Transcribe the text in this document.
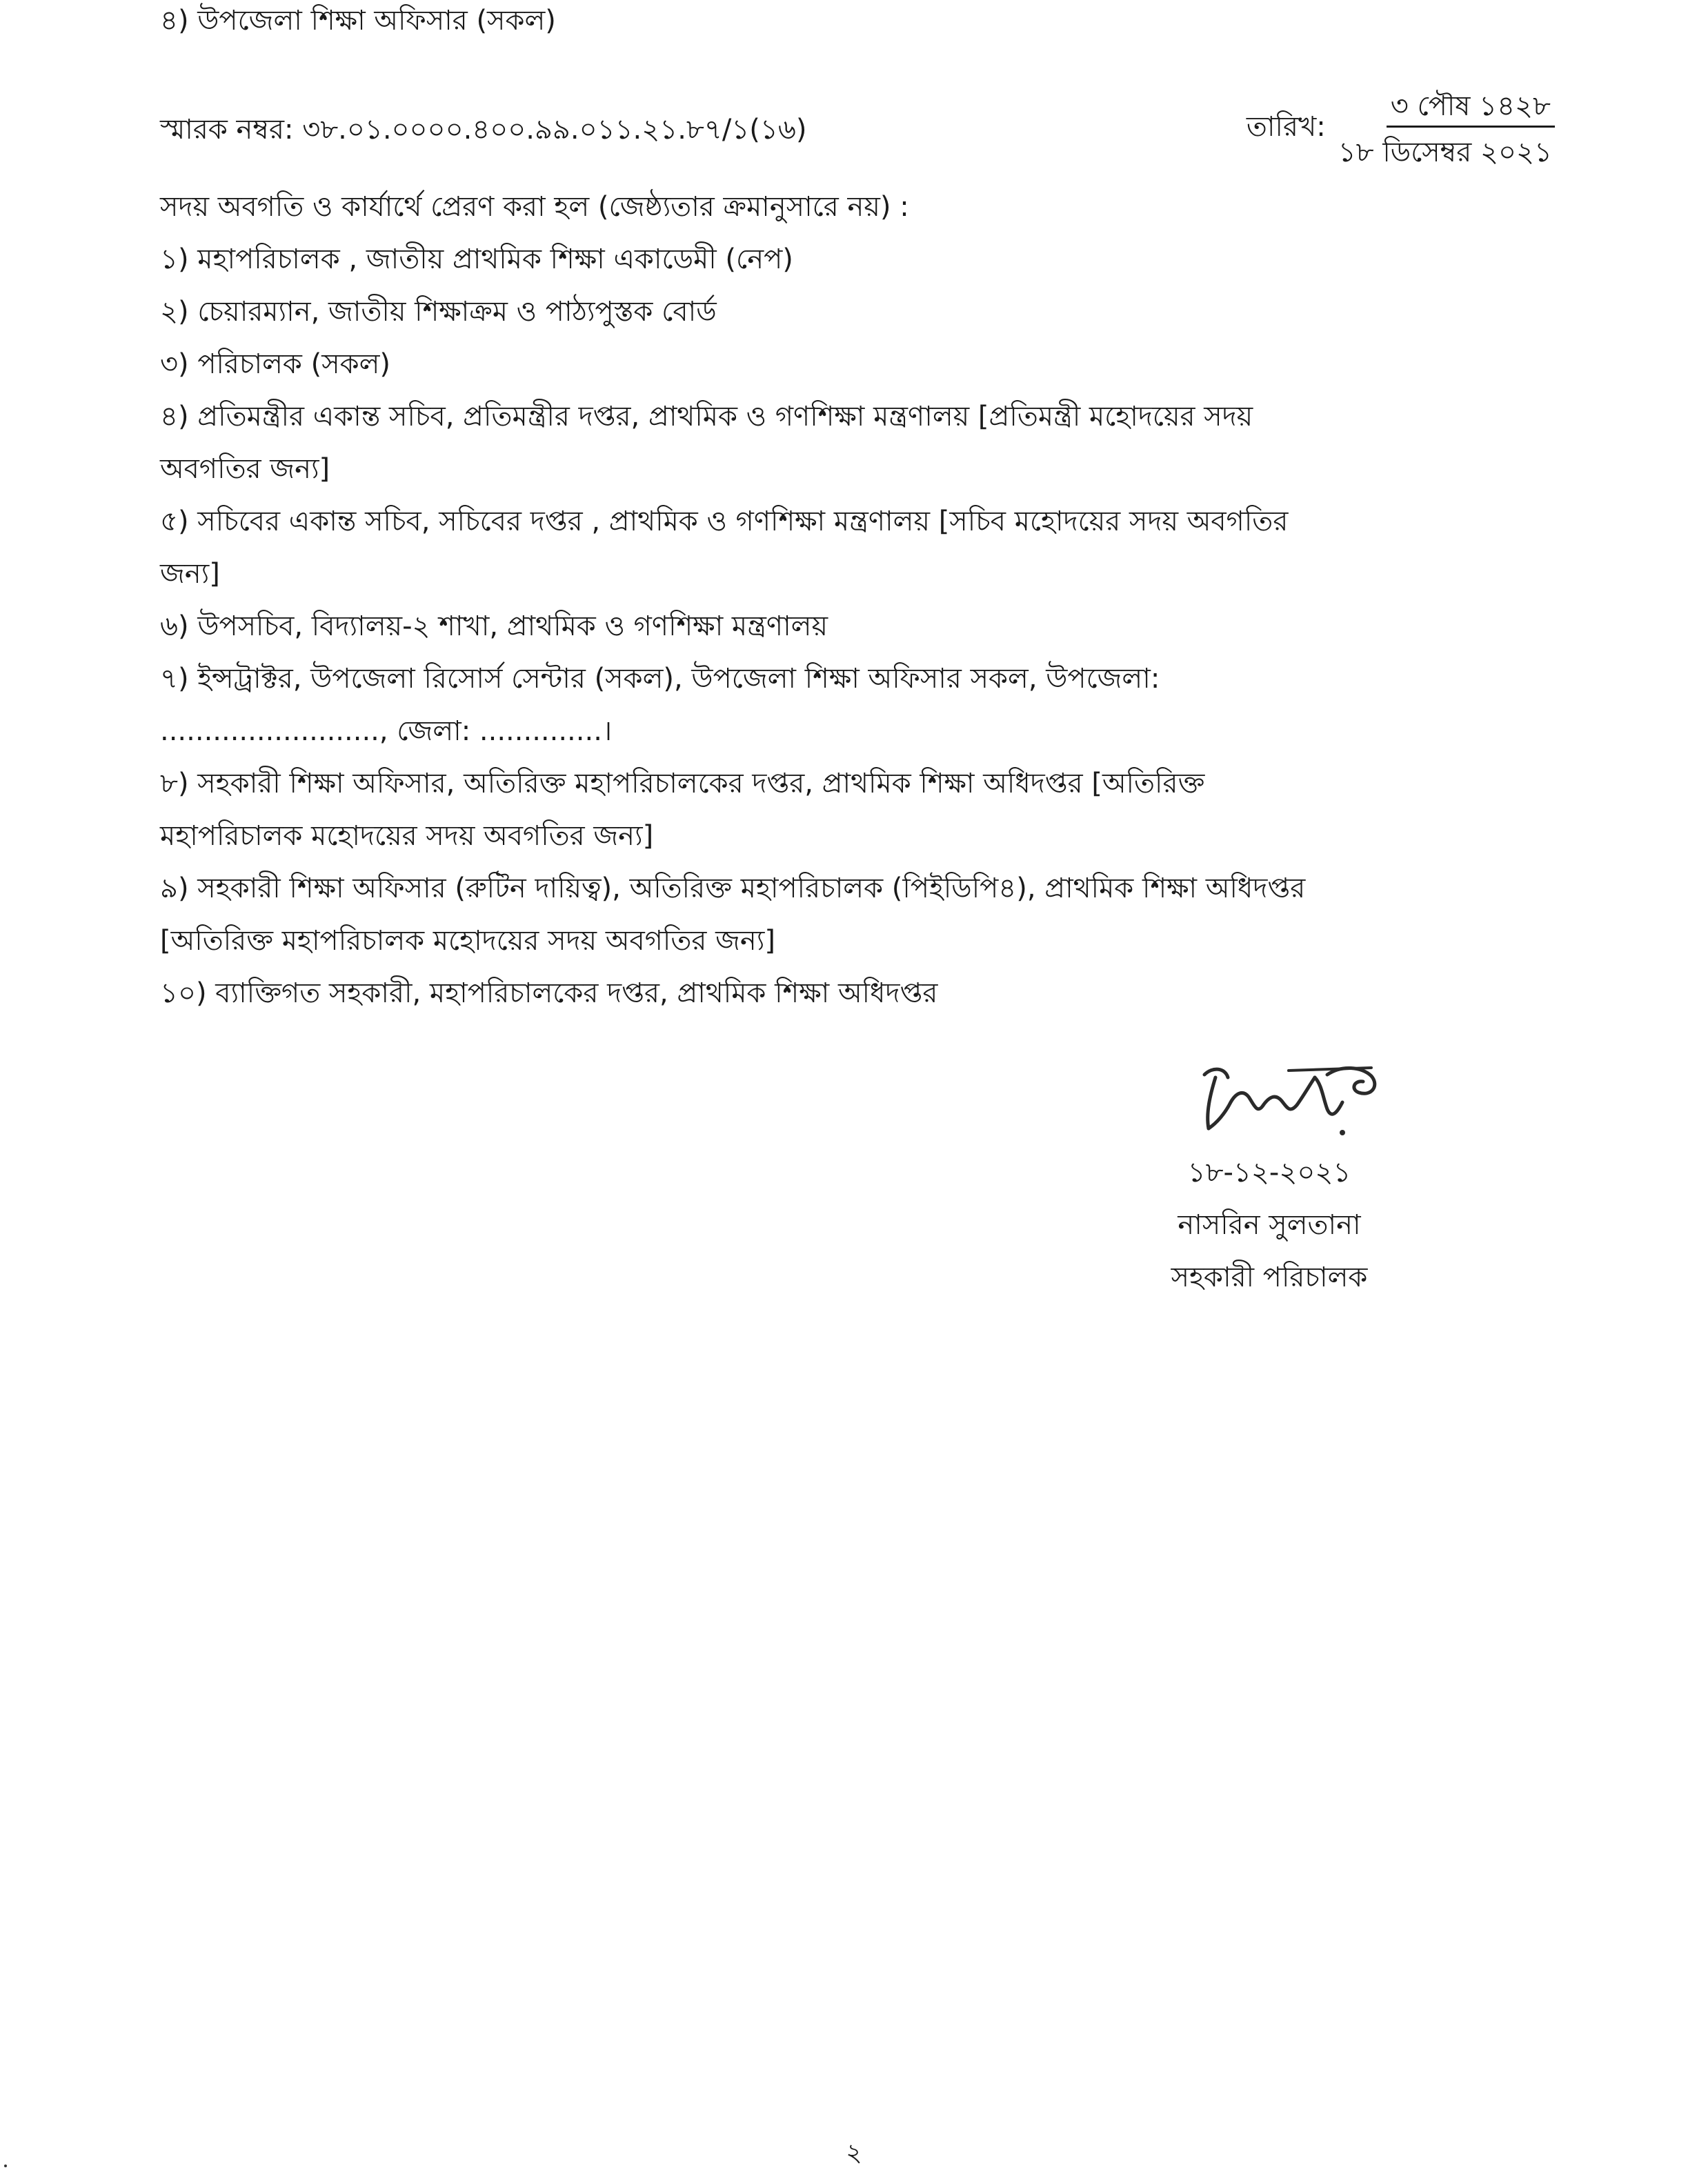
৪) উপজেলা শিক্ষা অফিসার (সকল)
স্মারক নম্বর: ৩৮.০১.০০০০.৪০০.৯৯.০১১.২১.৮৭/১(১৬)	তারিখ:
৩ পৌষ ১৪২৮
১৮ ডিসেম্বর ২০২১
সদয় অবগতি ও কার্যার্থে প্রেরণ করা হল (জেষ্ঠ্যতার ক্রমানুসারে নয়) :
১) মহাপরিচালক , জাতীয় প্রাথমিক শিক্ষা একাডেমী (নেপ)
২) চেয়ারম্যান, জাতীয় শিক্ষাক্রম ও পাঠ্যপুস্তক বোর্ড
৩) পরিচালক (সকল)
৪) প্রতিমন্ত্রীর একান্ত সচিব, প্রতিমন্ত্রীর দপ্তর, প্রাথমিক ও গণশিক্ষা মন্ত্রণালয় [প্রতিমন্ত্রী মহোদয়ের সদয়
অবগতির জন্য]
৫) সচিবের একান্ত সচিব, সচিবের দপ্তর , প্রাথমিক ও গণশিক্ষা মন্ত্রণালয় [সচিব মহোদয়ের সদয় অবগতির
জন্য]
৬) উপসচিব, বিদ্যালয়-২ শাখা, প্রাথমিক ও গণশিক্ষা মন্ত্রণালয়
৭) ইন্সট্রাক্টর, উপজেলা রিসোর্স সেন্টার (সকল), উপজেলা শিক্ষা অফিসার সকল, উপজেলা:
........................., জেলা: ..............।
৮) সহকারী শিক্ষা অফিসার, অতিরিক্ত মহাপরিচালকের দপ্তর, প্রাথমিক শিক্ষা অধিদপ্তর [অতিরিক্ত
মহাপরিচালক মহোদয়ের সদয় অবগতির জন্য]
৯) সহকারী শিক্ষা অফিসার (রুটিন দায়িত্ব), অতিরিক্ত মহাপরিচালক (পিইডিপি৪), প্রাথমিক শিক্ষা অধিদপ্তর
[অতিরিক্ত মহাপরিচালক মহোদয়ের সদয় অবগতির জন্য]
১০) ব্যাক্তিগত সহকারী, মহাপরিচালকের দপ্তর, প্রাথমিক শিক্ষা অধিদপ্তর
১৮-১২-২০২১
নাসরিন সুলতানা
সহকারী পরিচালক
২
